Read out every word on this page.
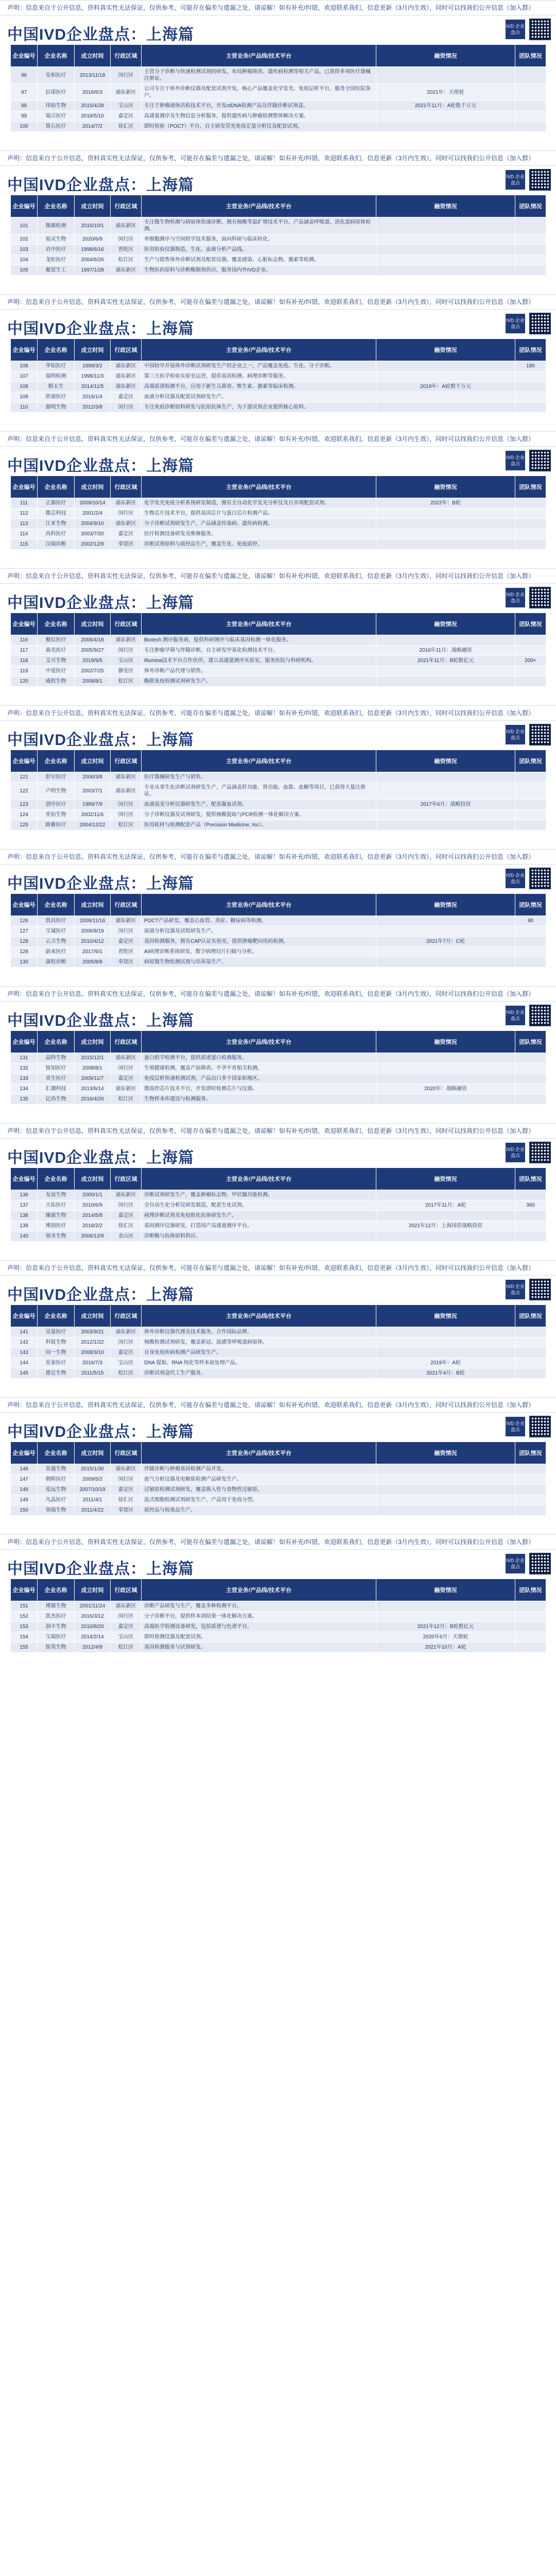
声明：信息来自于公开信息，资料真实性无法保证，仅供参考，可能存在偏差与遗漏之处，请谅解！如有补充/纠错，欢迎联系我们，信息更新（3月内生效），同时可以找我们公开信息（加入群）
中国IVD企业盘点：上海篇	IVD 企业盘点
企业编号	企业名称	成立时间	行政区域	主营业务/产品线/技术平台	融资情况	团队情况
96	安和医疗	2013/11/18	闵行区	主营分子诊断与快速检测试剂的研发，布局肿瘤筛查、遗传病检测等相关产品，已获得多项医疗器械注册证。		
97	信诺医疗	2016/6/3	浦东新区	公司专注于体外诊断仪器及配套试剂开发，核心产品覆盖化学发光、免疫层析平台，服务全国医院客户。	2021年：天使轮	
98	玮铂生物	2015/4/28	宝山区	专注于肿瘤液体活检技术平台，开发ctDNA检测产品及伴随诊断试剂盒。	2021年11月：A轮数千万元	
99	瑞吉医疗	2018/5/10	嘉定区	高通量测序及生物信息分析服务，提供遗传病与肿瘤检测整体解决方案。		
100	简石医疗	2014/7/2	徐汇区	即时检验（POCT）平台，自主研发荧光免疫定量分析仪及配套试剂。		
声明：信息来自于公开信息，资料真实性无法保证，仅供参考，可能存在偏差与遗漏之处，请谅解！如有补充/纠错，欢迎联系我们，信息更新（3月内生效），同时可以找我们公开信息（加入群）
中国IVD企业盘点：上海篇	IVD 企业盘点
企业编号	企业名称	成立时间	行政区域	主营业务/产品线/技术平台	融资情况	团队情况
101	微源检测	2016/10/1	浦东新区	专注微生物检测与病原体快速诊断，拥有核酸等温扩增技术平台，产品涵盖呼吸道、消化道病原体检测。		
102	旭灵生物	2020/6/9	闵行区	单细胞测序与空间组学技术服务，面向科研与临床转化。		
103	岩中医疗	1998/6/16	普陀区	医用检验仪器制造，生化、血液分析产品线。		
104	龙炬医疗	2004/6/26	松江区	生产与销售体外诊断试剂及配套仪器，覆盖感染、心脏标志物、激素等检测。		
105	聚贤生工	1997/1/28	浦东新区	生物医药原料与诊断酶制剂供应，服务国内外IVD企业。		
声明：信息来自于公开信息，资料真实性无法保证，仅供参考，可能存在偏差与遗漏之处，请谅解！如有补充/纠错，欢迎联系我们，信息更新（3月内生效），同时可以找我们公开信息（加入群）
中国IVD企业盘点：上海篇	IVD 企业盘点
企业编号	企业名称	成立时间	行政区域	主营业务/产品线/技术平台	融资情况	团队情况
106	华铂医疗	1999/3/2	浦东新区	中国较早开展体外诊断试剂研发生产的企业之一，产品覆盖免疫、生化、分子诊断。		180
107	瑞明检测	1998/11/3	浦东新区	第三方医学检验实验室运营，提供基因检测、病理诊断等服务。		
108	棋太生	2014/11/5	浦东新区	高端质谱检测平台，应用于新生儿筛查、维生素、激素等临床检测。	2019年：A轮数千万元	
109	欣康医疗	2016/1/4	嘉定区	血液分析仪器及配套试剂研发生产。		
110	源明生物	2012/3/8	闵行区	专注免疫诊断原料研发与抗原抗体生产，为下游试剂企业提供核心原料。		
声明：信息来自于公开信息，资料真实性无法保证，仅供参考，可能存在偏差与遗漏之处，请谅解！如有补充/纠错，欢迎联系我们，信息更新（3月内生效），同时可以找我们公开信息（加入群）
中国IVD企业盘点：上海篇	IVD 企业盘点
企业编号	企业名称	成立时间	行政区域	主营业务/产品线/技术平台	融资情况	团队情况
111	正源医疗	2009/10/14	浦东新区	化学发光免疫分析系统研发制造，拥有全自动化学发光分析仪及百余项配套试剂。	2022年：B轮	
112	微芯科技	2001/2/4	闵行区	生物芯片技术平台，提供基因芯片与蛋白芯片检测产品。		
113	江亚生物	2004/9/10	浦东新区	分子诊断试剂研发生产，产品涵盖传染病、遗传病检测。		
114	尚科医疗	2003/7/20	嘉定区	医疗检测设备研发及维修服务。		
115	汉瑞诊断	2002/12/9	奉贤区	诊断试剂原料与质控品生产，覆盖生化、免疫质控。		
声明：信息来自于公开信息，资料真实性无法保证，仅供参考，可能存在偏差与遗漏之处，请谅解！如有补充/纠错，欢迎联系我们，信息更新（3月内生效），同时可以找我们公开信息（加入群）
中国IVD企业盘点：上海篇	IVD 企业盘点
企业编号	企业名称	成立时间	行政区域	主营业务/产品线/技术平台	融资情况	团队情况
116	聚信医疗	2006/4/18	浦东新区	Biotech 测序服务商，提供科研测序与临床基因检测一体化服务。		
117	森光医疗	2005/9/27	闵行区	专注肿瘤早筛与伴随诊断，自主研发甲基化检测技术平台。	2016年11月：战略融资	
118	艾可生物	2019/9/5	宝山区	Illumina技术平台合作伙伴，建立高通量测序实验室，服务医院与科研机构。	2021年11月：B轮数亿元	200+
119	中延医疗	2002/7/25	静安区	体外诊断产品代理与销售。		
120	威程生物	2008/8/1	松江区	酶联免疫检测试剂研发生产。		
声明：信息来自于公开信息，资料真实性无法保证，仅供参考，可能存在偏差与遗漏之处，请谅解！如有补充/纠错，欢迎联系我们，信息更新（3月内生效），同时可以找我们公开信息（加入群）
中国IVD企业盘点：上海篇	IVD 企业盘点
企业编号	企业名称	成立时间	行政区域	主营业务/产品线/技术平台	融资情况	团队情况
121	舒尔医疗	2006/3/8	浦东新区	医疗器械研发生产与销售。		
122	卢明生物	2003/7/1	浦东新区	专业从事生化诊断试剂研发生产，产品涵盖肝功能、肾功能、血脂、血糖等项目，已获得大量注册证。		
123	创序医疗	1999/7/9	闵行区	血液流变分析仪器研发生产，配套凝血试剂。	2017年6月：战略投资	
124	奕铂生物	2002/11/6	闵行区	分子诊断仪器及试剂研发，提供核酸提取与PCR检测一体化解决方案。		
125	路雅医疗	2004/12/22	松江区	医用耗材与检测配套产品（Precision Medicine, Inc）。		
声明：信息来自于公开信息，资料真实性无法保证，仅供参考，可能存在偏差与遗漏之处，请谅解！如有补充/纠错，欢迎联系我们，信息更新（3月内生效），同时可以找我们公开信息（加入群）
中国IVD企业盘点：上海篇	IVD 企业盘点
企业编号	企业名称	成立时间	行政区域	主营业务/产品线/技术平台	融资情况	团队情况
126	凯昌医疗	2009/11/16	浦东新区	POCT产品研发，覆盖心血管、炎症、糖尿病等检测。		90
127	宝诚医疗	2006/8/19	闵行区	尿液分析仪器及试纸研发生产。		
128	云卫生物	2010/4/12	嘉定区	基因检测服务，拥有CAP认证实验室，提供肿瘤靶向用药检测。	2021年7月：C轮	
129	蔚来医疗	2017/6/1	普陀区	AI病理诊断系统研发，数字病理切片扫描与分析。		
130	康程诊断	2005/8/8	奉贤区	病原微生物检测试剂与培养基生产。		
声明：信息来自于公开信息，资料真实性无法保证，仅供参考，可能存在偏差与遗漏之处，请谅解！如有补充/纠错，欢迎联系我们，信息更新（3月内生效），同时可以找我们公开信息（加入群）
中国IVD企业盘点：上海篇	IVD 企业盘点
企业编号	企业名称	成立时间	行政区域	主营业务/产品线/技术平台	融资情况	团队情况
131	晶特生物	2015/12/1	浦东新区	蛋白组学检测平台，提供质谱蛋白检测服务。		
132	锐知医疗	2008/8/1	闵行区	生殖健康检测，覆盖产前筛查、不孕不育相关检测。		
133	炎生医疗	2009/11/7	嘉定区	免疫层析快速检测试剂，产品出口多个国家和地区。		
134	汇潮科技	2013/6/14	浦东新区	微流控芯片技术平台，开发即时检测芯片与仪器。	2020年：战略融资	
135	亿尚生物	2016/4/26	松江区	生物样本库建设与检测服务。		
声明：信息来自于公开信息，资料真实性无法保证，仅供参考，可能存在偏差与遗漏之处，请谅解！如有补充/纠错，欢迎联系我们，信息更新（3月内生效），同时可以找我们公开信息（加入群）
中国IVD企业盘点：上海篇	IVD 企业盘点
企业编号	企业名称	成立时间	行政区域	主营业务/产品线/技术平台	融资情况	团队情况
136	友谊生物	2000/1/1	浦东新区	诊断试剂研发生产，覆盖肿瘤标志物、甲状腺功能检测。		
137	天佑医疗	2010/6/9	闵行区	全自动生化分析仪研发制造，配套生化试剂。	2017年11月：A轮	360
138	臻源生物	2014/5/8	嘉定区	病理诊断试剂及免疫组化抗体研发生产。		
139	博润医疗	2018/2/2	徐汇区	基因测序仪器研发，打造国产高通量测序平台。	2021年12月：上海国资战略投资	
140	领圣生物	2006/12/9	金山区	诊断酶与抗体原料供应。		
声明：信息来自于公开信息，资料真实性无法保证，仅供参考，可能存在偏差与遗漏之处，请谅解！如有补充/纠错，欢迎联系我们，信息更新（3月内生效），同时可以找我们公开信息（加入群）
中国IVD企业盘点：上海篇	IVD 企业盘点
企业编号	企业名称	成立时间	行政区域	主营业务/产品线/技术平台	融资情况	团队情况
141	昊量医疗	2003/9/21	浦东新区	体外诊断仪器代理及技术服务，合作国际品牌。		
142	科锐生物	2012/1/22	闵行区	核酸检测试剂研发，覆盖新冠、流感等呼吸道病原体。		
143	同一生物	2008/3/10	嘉定区	自身免疫疾病检测产品研发生产。		
144	星泰医疗	2016/7/3	宝山区	DNA 提取、RNA 纯化等样本前处理产品。	2019年：A轮	
145	德宜生物	2011/5/15	松江区	诊断试剂盒代工生产服务。	2021年4月：B轮	
声明：信息来自于公开信息，资料真实性无法保证，仅供参考，可能存在偏差与遗漏之处，请谅解！如有补充/纠错，欢迎联系我们，信息更新（3月内生效），同时可以找我们公开信息（加入群）
中国IVD企业盘点：上海篇	IVD 企业盘点
企业编号	企业名称	成立时间	行政区域	主营业务/产品线/技术平台	融资情况	团队情况
146	景盛生物	2015/1/30	浦东新区	伴随诊断与肿瘤基因检测产品开发。		
147	朝晖医疗	2009/5/2	闵行区	血气分析仪器及电解质检测产品研发生产。		
148	泓远生物	2007/10/19	嘉定区	过敏原检测试剂研发，覆盖吸入性与食物性过敏原。		
149	凡晶医疗	2011/4/1	徐汇区	流式细胞检测试剂研发生产，产品用于免疫分型。		
150	领瑞生物	2011/4/22	奉贤区	质控品与校准品生产。		
声明：信息来自于公开信息，资料真实性无法保证，仅供参考，可能存在偏差与遗漏之处，请谅解！如有补充/纠错，欢迎联系我们，信息更新（3月内生效），同时可以找我们公开信息（加入群）
中国IVD企业盘点：上海篇	IVD 企业盘点
企业编号	企业名称	成立时间	行政区域	主营业务/产品线/技术平台	融资情况	团队情况
151	博源生物	2001/11/24	浦东新区	诊断产品研发与生产，覆盖多种检测平台。		
152	凯杰医疗	2016/3/12	闵行区	分子诊断平台，提供样本到结果一体化解决方案。		
153	润丰生物	2010/8/20	嘉定区	高端医学检测设备研发，包括质谱与色谱平台。	2021年12月：B轮数亿元	
154	宝瑞医疗	2014/2/14	宝山区	即时检测仪器及配套试剂。	2020年6月：天使轮	
155	锐英生物	2012/4/9	松江区	基因检测服务与试剂研发。	2021年10月：A轮	
